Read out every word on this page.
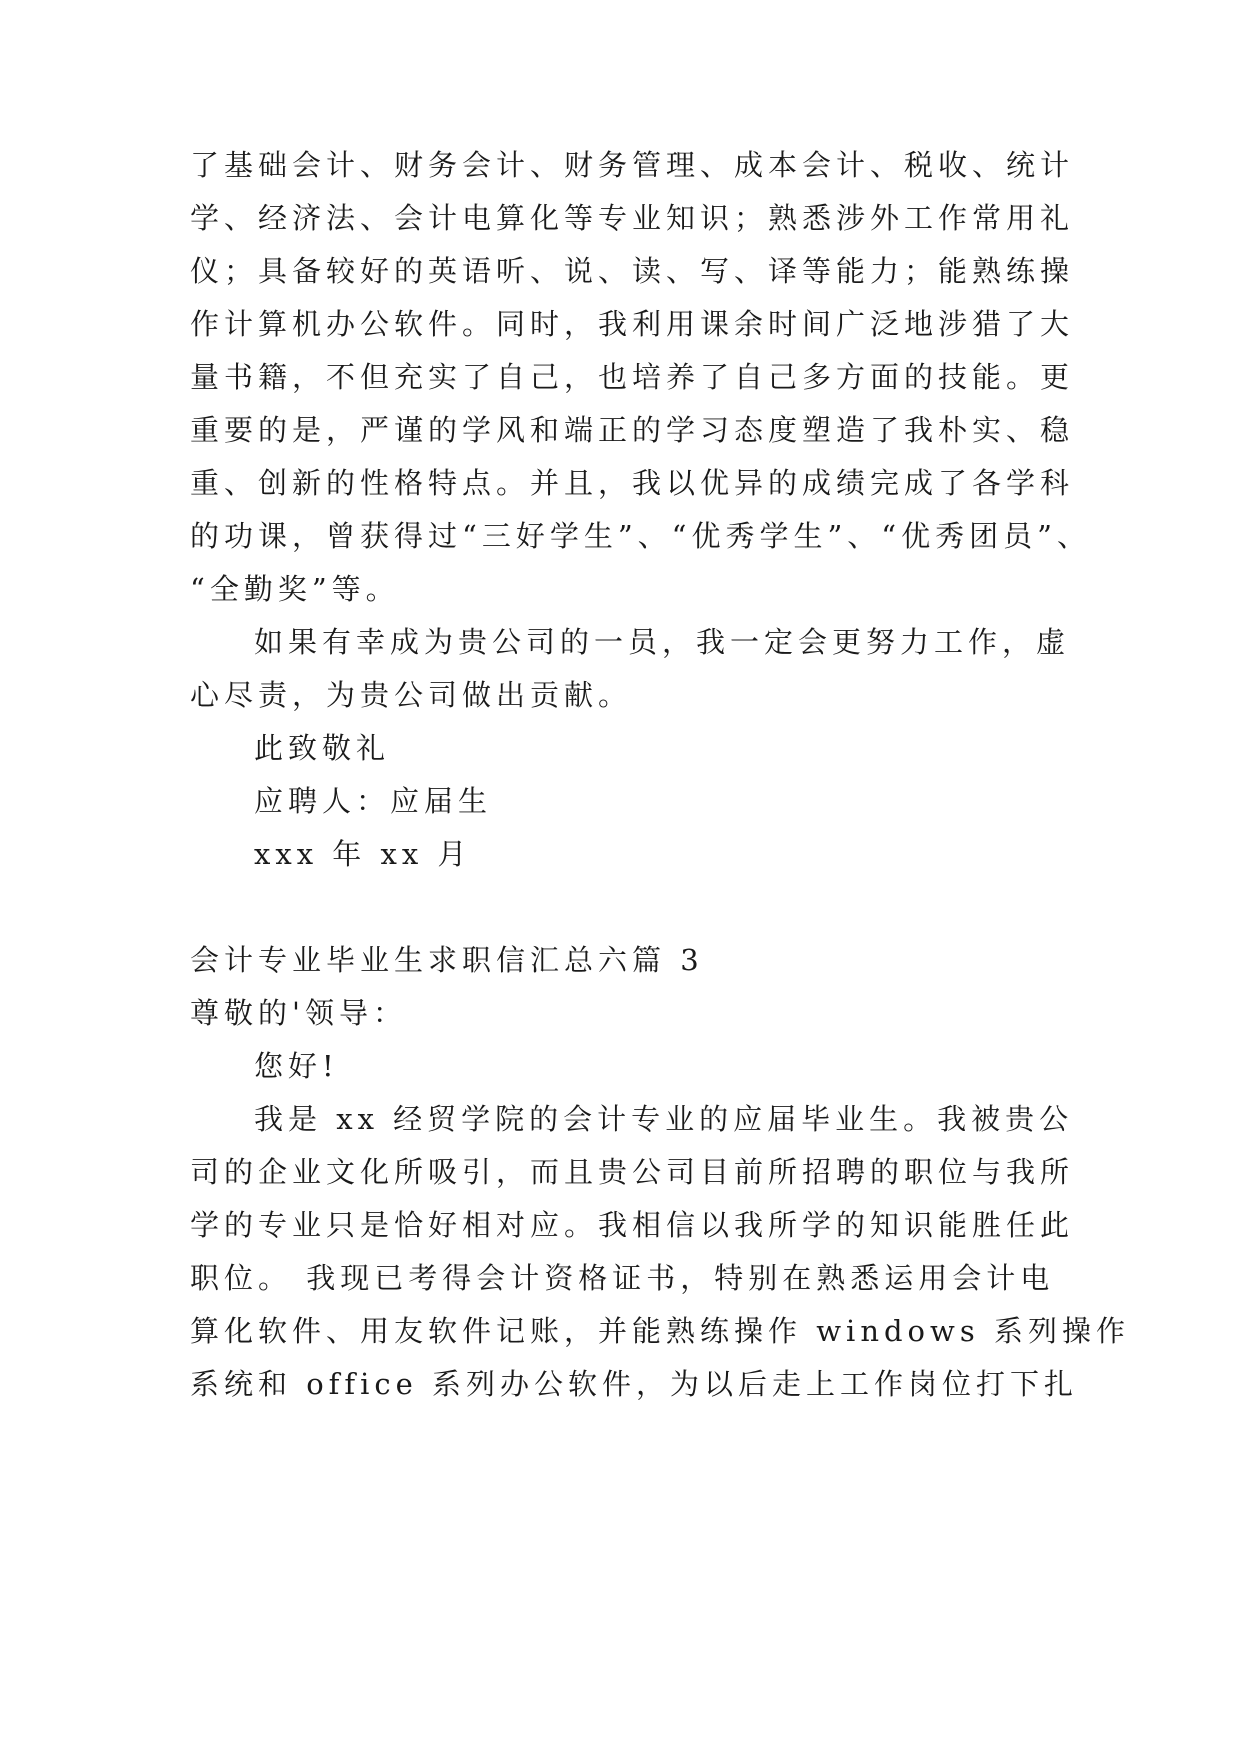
了基础会计、财务会计、财务管理、成本会计、税收、统计
学、经济法、会计电算化等专业知识；熟悉涉外工作常用礼
仪；具备较好的英语听、说、读、写、译等能力；能熟练操
作计算机办公软件。同时，我利用课余时间广泛地涉猎了大
量书籍，不但充实了自己，也培养了自己多方面的技能。更
重要的是，严谨的学风和端正的学习态度塑造了我朴实、稳
重、创新的性格特点。并且，我以优异的成绩完成了各学科
的功课，曾获得过“三好学生”、“优秀学生”、“优秀团员”、
“全勤奖”等。
如果有幸成为贵公司的一员，我一定会更努力工作，虚
心尽责，为贵公司做出贡献。
此致敬礼
应聘人：应届生
xxx 年 xx 月
会计专业毕业生求职信汇总六篇 3
尊敬的'领导：
您好!
我是 xx 经贸学院的会计专业的应届毕业生。我被贵公
司的企业文化所吸引，而且贵公司目前所招聘的职位与我所
学的专业只是恰好相对应。我相信以我所学的知识能胜任此
职位。 我现已考得会计资格证书，特别在熟悉运用会计电
算化软件、用友软件记账，并能熟练操作 windows 系列操作
系统和 office 系列办公软件，为以后走上工作岗位打下扎
